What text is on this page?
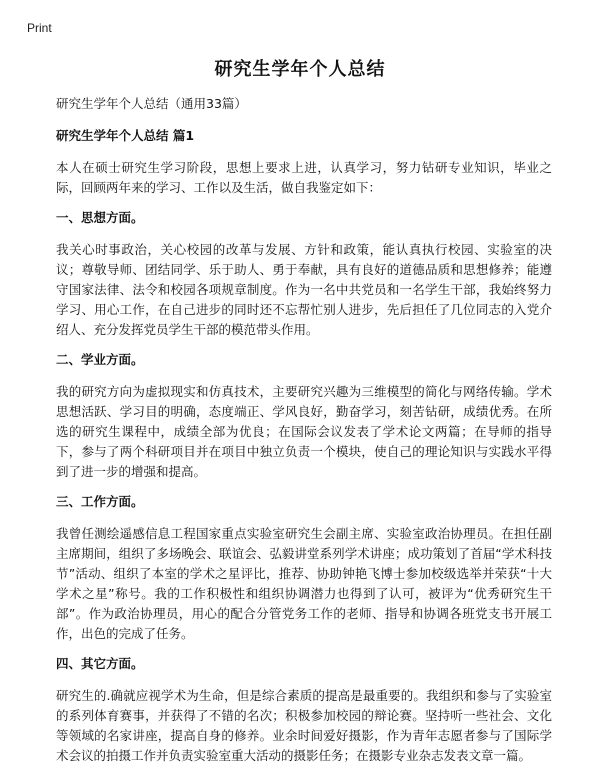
Print
研究生学年个人总结

研究生学年个人总结（通用33篇）

研究生学年个人总结 篇1

本人在硕士研究生学习阶段，思想上要求上进，认真学习，努力钻研专业知识，毕业之际，回顾两年来的学习、工作以及生活，做自我鉴定如下：

一、思想方面。

我关心时事政治，关心校园的改革与发展、方针和政策，能认真执行校园、实验室的决议；尊敬导师、团结同学、乐于助人、勇于奉献，具有良好的道德品质和思想修养；能遵守国家法律、法令和校园各项规章制度。作为一名中共党员和一名学生干部，我始终努力学习、用心工作，在自己进步的同时还不忘帮忙别人进步，先后担任了几位同志的入党介绍人、充分发挥党员学生干部的模范带头作用。

二、学业方面。

我的研究方向为虚拟现实和仿真技术，主要研究兴趣为三维模型的简化与网络传输。学术思想活跃、学习目的明确，态度端正、学风良好，勤奋学习，刻苦钻研，成绩优秀。在所选的研究生课程中，成绩全部为优良；在国际会议发表了学术论文两篇；在导师的指导下，参与了两个科研项目并在项目中独立负责一个模块，使自己的理论知识与实践水平得到了进一步的增强和提高。

三、工作方面。

我曾任测绘遥感信息工程国家重点实验室研究生会副主席、实验室政治协理员。在担任副主席期间，组织了多场晚会、联谊会、弘毅讲堂系列学术讲座；成功策划了首届“学术科技节”活动、组织了本室的学术之星评比，推荐、协助钟艳飞博士参加校级选举并荣获“十大学术之星”称号。我的工作积极性和组织协调潜力也得到了认可，被评为“优秀研究生干部”。作为政治协理员，用心的配合分管党务工作的老师、指导和协调各班党支书开展工作，出色的完成了任务。

四、其它方面。

研究生的.确就应视学术为生命，但是综合素质的提高是最重要的。我组织和参与了实验室的系列体育赛事，并获得了不错的名次；积极参加校园的辩论赛。坚持听一些社会、文化等领域的名家讲座，提高自身的修养。业余时间爱好摄影，作为青年志愿者参与了国际学术会议的拍摄工作并负责实验室重大活动的摄影任务；在摄影专业杂志发表文章一篇。
